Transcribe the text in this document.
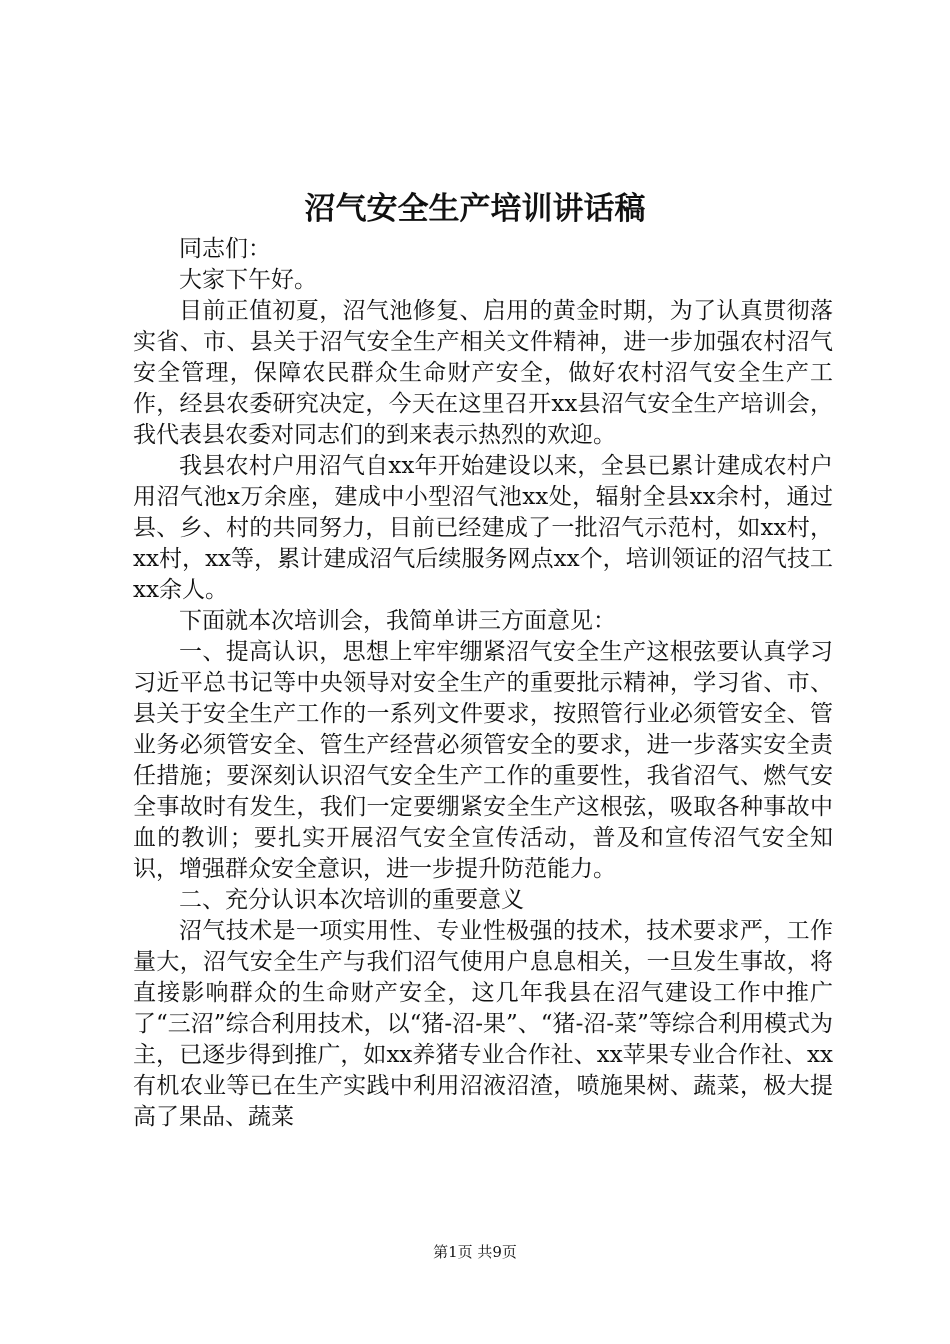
沼气安全生产培训讲话稿

同志们：

大家下午好。

目前正值初夏，沼气池修复、启用的黄金时期，为了认真贯彻落实省、市、县关于沼气安全生产相关文件精神，进一步加强农村沼气安全管理，保障农民群众生命财产安全，做好农村沼气安全生产工作，经县农委研究决定，今天在这里召开xx县沼气安全生产培训会，我代表县农委对同志们的到来表示热烈的欢迎。

我县农村户用沼气自xx年开始建设以来，全县已累计建成农村户用沼气池x万余座，建成中小型沼气池xx处，辐射全县xx余村，通过县、乡、村的共同努力，目前已经建成了一批沼气示范村，如xx村，xx村，xx等，累计建成沼气后续服务网点xx个，培训领证的沼气技工xx余人。

下面就本次培训会，我简单讲三方面意见：

一、提高认识，思想上牢牢绷紧沼气安全生产这根弦要认真学习习近平总书记等中央领导对安全生产的重要批示精神，学习省、市、县关于安全生产工作的一系列文件要求，按照管行业必须管安全、管业务必须管安全、管生产经营必须管安全的要求，进一步落实安全责任措施；要深刻认识沼气安全生产工作的重要性，我省沼气、燃气安全事故时有发生，我们一定要绷紧安全生产这根弦，吸取各种事故中血的教训；要扎实开展沼气安全宣传活动，普及和宣传沼气安全知识，增强群众安全意识，进一步提升防范能力。

二、充分认识本次培训的重要意义

沼气技术是一项实用性、专业性极强的技术，技术要求严，工作量大，沼气安全生产与我们沼气使用户息息相关，一旦发生事故，将直接影响群众的生命财产安全，这几年我县在沼气建设工作中推广了“三沼”综合利用技术，以“猪-沼-果”、“猪-沼-菜”等综合利用模式为主，已逐步得到推广，如xx养猪专业合作社、xx苹果专业合作社、xx有机农业等已在生产实践中利用沼液沼渣，喷施果树、蔬菜，极大提高了果品、蔬菜

第1页 共9页
